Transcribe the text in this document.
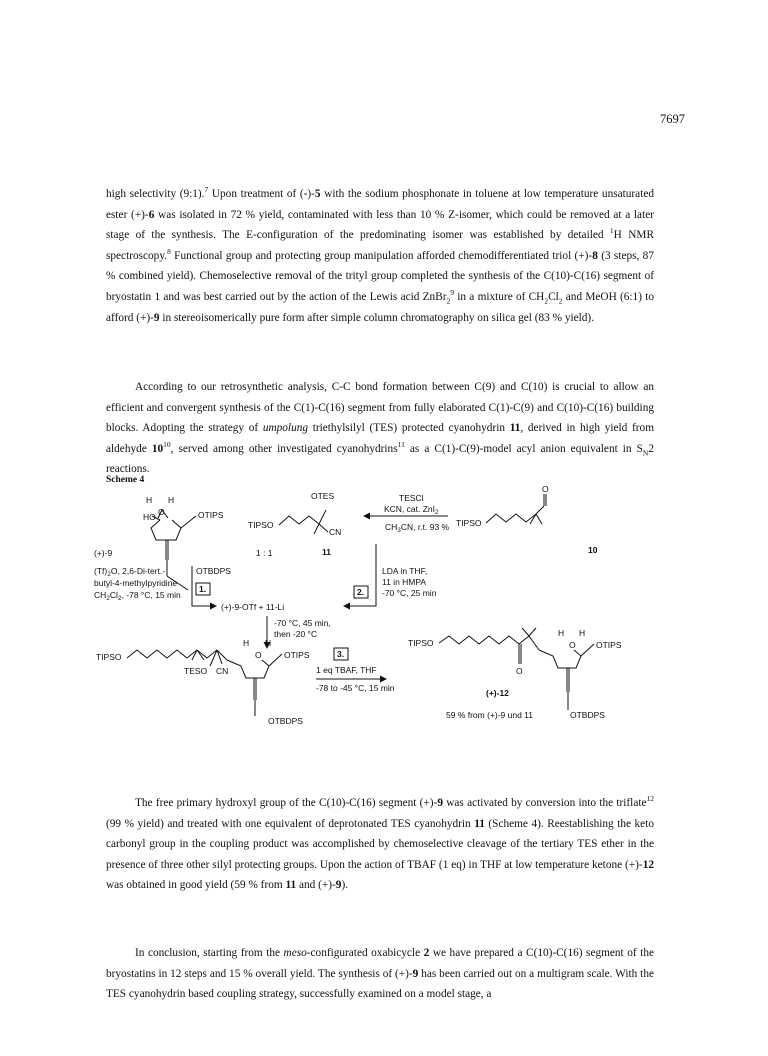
7697

high selectivity (9:1).$^7$ Upon treatment of (-)-5 with the sodium phosphonate in toluene at low temperature unsaturated ester (+)-6 was isolated in 72 % yield, contaminated with less than 10 % Z-isomer, which could be removed at a later stage of the synthesis. The E-configuration of the predominating isomer was established by detailed $^1$H NMR spectroscopy.$^8$ Functional group and protecting group manipulation afforded chemodifferentiated triol (+)-8 (3 steps, 87 % combined yield). Chemoselective removal of the trityl group completed the synthesis of the C(10)-C(16) segment of bryostatin 1 and was best carried out by the action of the Lewis acid ZnBr$_2^9$ in a mixture of $CH_2Cl_2$ and MeOH (6:1) to afford (+)-9 in stereoisomerically pure form after simple column chromatography on silica gel (83 % yield).

According to our retrosynthetic analysis, C-C bond formation between C(9) and C(10) is crucial to allow an efficient and convergent synthesis of the C(1)-C(16) segment from fully elaborated C(1)-C(9) and C(10)-C(16) building blocks. Adopting the strategy of umpolung triethylsilyl (TES) protected cyanohydrin 11, derived in high yield from aldehyde $10^{10}$, served among other investigated cyanohydrins$^{11}$ as a C(1)-C(9)-model acyl anion equivalent in $S_N2$ reactions.

Scheme 4
H H
HO O	OTIPS
(+)-9	1 : 1
OTES
TIPSO
CN
11
TESCl
KCN, cat. ZnI$_2$
$CH_3CN$, r.t. 93 % TIPSO
O
10
$(Tf)_2O$, 2,6-Di-tert.-
butyl-4-methylpyridine
$CH_2Cl_2$, -78 °C, 15 min
OTBDPS
1.
(+)-9-OTf + 11-Li
2.
LDA in THF,
11 in HMPA
-70 °C, 25 min
-70 °C, 45 min,
then -20 °C
TIPSO
TESO CN
H H
O	OTIPS
OTBDPS
3.
1 eq TBAF, THF
-78 to -45 °C, 15 min
TIPSO
O
H H
O OTIPS
OTBDPS
(+)-12
59 % from (+)-9 und 11

The free primary hydroxyl group of the C(10)-C(16) segment (+)-9 was activated by conversion into the triflate$^{12}$ (99 % yield) and treated with one equivalent of deprotonated TES cyanohydrin 11 (Scheme 4). Reestablishing the keto carbonyl group in the coupling product was accomplished by chemoselective cleavage of the tertiary TES ether in the presence of three other silyl protecting groups. Upon the action of TBAF (1 eq) in THF at low temperature ketone (+)-12 was obtained in good yield (59 % from 11 and (+)-9).

In conclusion, starting from the meso-configurated oxabicycle 2 we have prepared a C(10)-C(16) segment of the bryostatins in 12 steps and 15 % overall yield. The synthesis of (+)-9 has been carried out on a multigram scale. With the TES cyanohydrin based coupling strategy, successfully examined on a model stage, a
